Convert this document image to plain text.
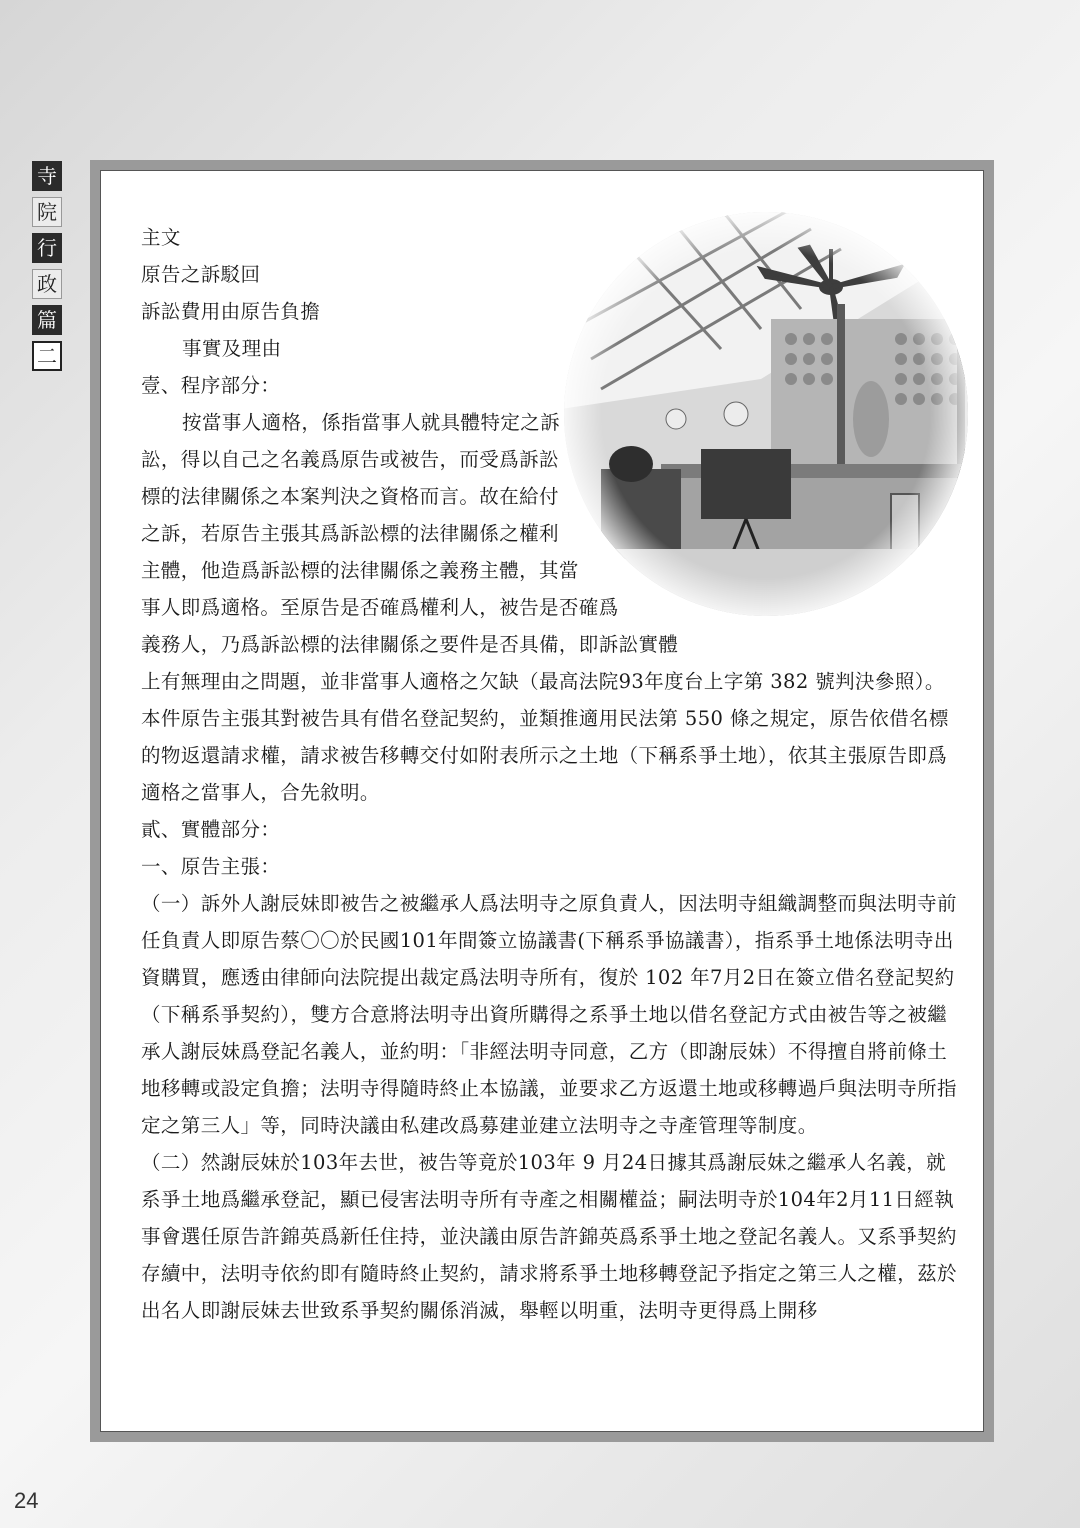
寺
院
行
政
篇
二

主文

原告之訴駁回

訴訟費用由原告負擔

事實及理由

壹、程序部分：

按當事人適格，係指當事人就具體特定之訴訟，得以自己之名義爲原告或被告，而受爲訴訟標的法律關係之本案判決之資格而言。故在給付之訴，若原告主張其爲訴訟標的法律關係之權利主體，他造爲訴訟標的法律關係之義務主體，其當事人即爲適格。至原告是否確爲權利人，被告是否確爲義務人，乃爲訴訟標的法律關係之要件是否具備，即訴訟實體上有無理由之問題，並非當事人適格之欠缺（最高法院93年度台上字第 382 號判決參照）。本件原告主張其對被告具有借名登記契約，並類推適用民法第 550 條之規定，原告依借名標的物返還請求權，請求被告移轉交付如附表所示之土地（下稱系爭土地），依其主張原告即爲適格之當事人，合先敘明。

貳、實體部分：

一、原告主張：

（一）訴外人謝辰妹即被告之被繼承人爲法明寺之原負責人，因法明寺組織調整而與法明寺前任負責人即原告蔡〇〇於民國101年間簽立協議書(下稱系爭協議書），指系爭土地係法明寺出資購買，應透由律師向法院提出裁定爲法明寺所有，復於 102 年7月2日在簽立借名登記契約（下稱系爭契約），雙方合意將法明寺出資所購得之系爭土地以借名登記方式由被告等之被繼承人謝辰妹爲登記名義人，並約明：「非經法明寺同意，乙方（即謝辰妹）不得擅自將前條土地移轉或設定負擔；法明寺得隨時終止本協議，並要求乙方返還土地或移轉過戶與法明寺所指定之第三人」等，同時決議由私建改爲募建並建立法明寺之寺產管理等制度。

（二）然謝辰妹於103年去世，被告等竟於103年 9 月24日據其爲謝辰妹之繼承人名義，就系爭土地爲繼承登記，顯已侵害法明寺所有寺產之相關權益；嗣法明寺於104年2月11日經執事會選任原告許錦英爲新任住持，並決議由原告許錦英爲系爭土地之登記名義人。又系爭契約存續中，法明寺依約即有隨時終止契約，請求將系爭土地移轉登記予指定之第三人之權，茲於出名人即謝辰妹去世致系爭契約關係消滅，舉輕以明重，法明寺更得爲上開移

24
